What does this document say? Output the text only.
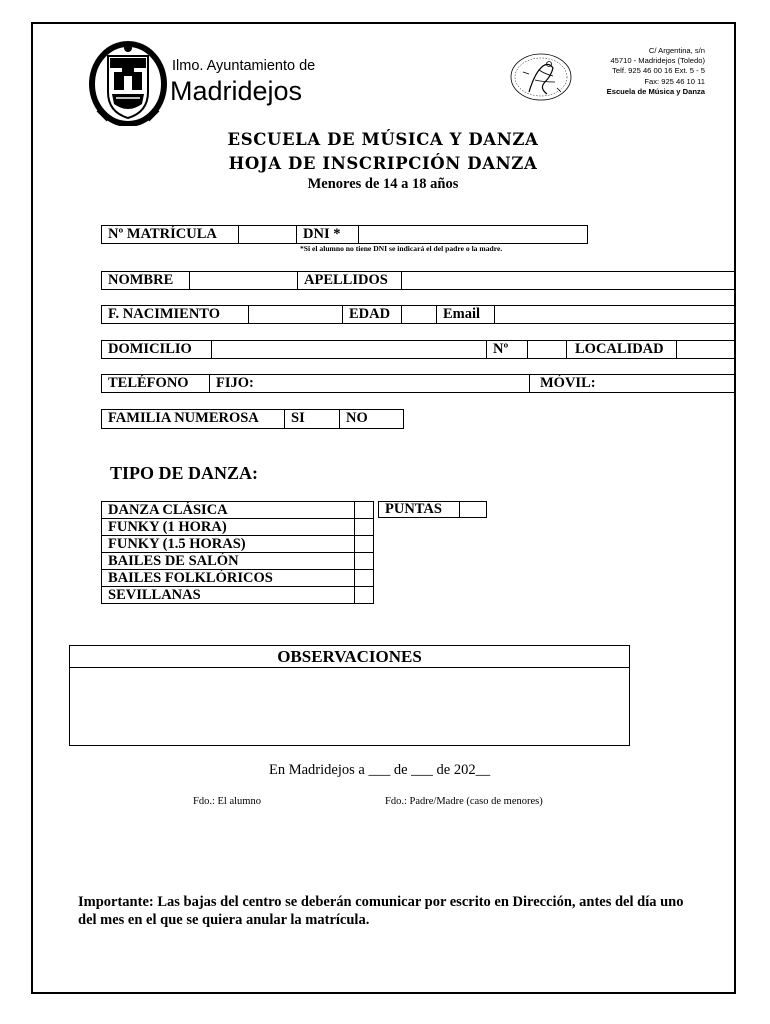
Ilmo. Ayuntamiento de
Madridejos
C/ Argentina, s/n
45710 - Madridejos (Toledo)
Telf. 925 46 00 16 Ext. 5 - 5
Fax: 925 46 10 11
Escuela de Música y Danza
ESCUELA DE MÚSICA Y DANZA
HOJA DE INSCRIPCIÓN DANZA
Menores de 14 a 18 años
Nº MATRÍCULA	DNI *
*Si el alumno no tiene DNI se indicará el del padre o la madre.
NOMBRE	APELLIDOS
F. NACIMIENTO	EDAD	Email
DOMICILIO	Nº	LOCALIDAD
TELÉFONO	FIJO:	MÓVIL:
FAMILIA NUMEROSA	SI	NO
TIPO DE DANZA:
DANZA CLÁSICA	
FUNKY (1 HORA)	
FUNKY (1.5 HORAS)	
BAILES DE SALÓN	
BAILES FOLKLÓRICOS	
SEVILLANAS	
PUNTAS
OBSERVACIONES
En Madridejos a ___ de ___ de 202__
Fdo.: El alumno	Fdo.: Padre/Madre (caso de menores)
Importante: Las bajas del centro se deberán comunicar por escrito en Dirección, antes del día uno del mes en el que se quiera anular la matrícula.
